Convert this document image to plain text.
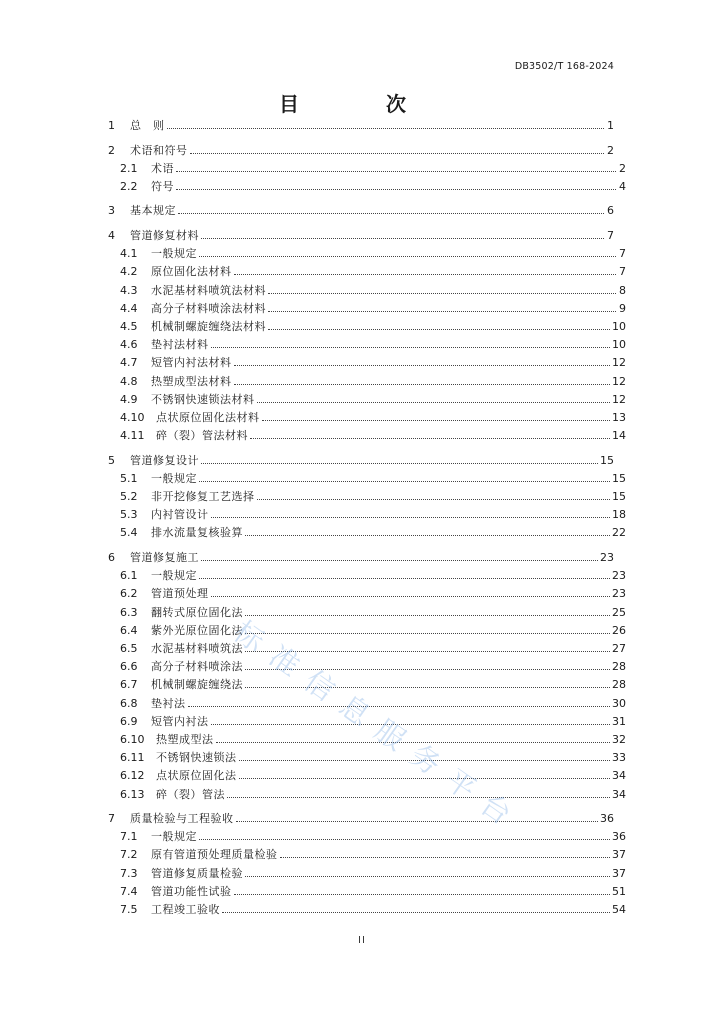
DB3502/T 168-2024
目	次
1	总　则	1
2	术语和符号	2
2.1	术语	2
2.2	符号	4
3	基本规定	6
4	管道修复材料	7
4.1	一般规定	7
4.2	原位固化法材料	7
4.3	水泥基材料喷筑法材料	8
4.4	高分子材料喷涂法材料	9
4.5	机械制螺旋缠绕法材料	10
4.6	垫衬法材料	10
4.7	短管内衬法材料	12
4.8	热塑成型法材料	12
4.9	不锈钢快速锁法材料	12
4.10	点状原位固化法材料	13
4.11	碎（裂）管法材料	14
5	管道修复设计	15
5.1	一般规定	15
5.2	非开挖修复工艺选择	15
5.3	内衬管设计	18
5.4	排水流量复核验算	22
6	管道修复施工	23
6.1	一般规定	23
6.2	管道预处理	23
6.3	翻转式原位固化法	25
6.4	紫外光原位固化法	26
6.5	水泥基材料喷筑法	27
6.6	高分子材料喷涂法	28
6.7	机械制螺旋缠绕法	28
6.8	垫衬法	30
6.9	短管内衬法	31
6.10	热塑成型法	32
6.11	不锈钢快速锁法	33
6.12	点状原位固化法	34
6.13	碎（裂）管法	34
7	质量检验与工程验收	36
7.1	一般规定	36
7.2	原有管道预处理质量检验	37
7.3	管道修复质量检验	37
7.4	管道功能性试验	51
7.5	工程竣工验收	54
标准信息服务平台
II
